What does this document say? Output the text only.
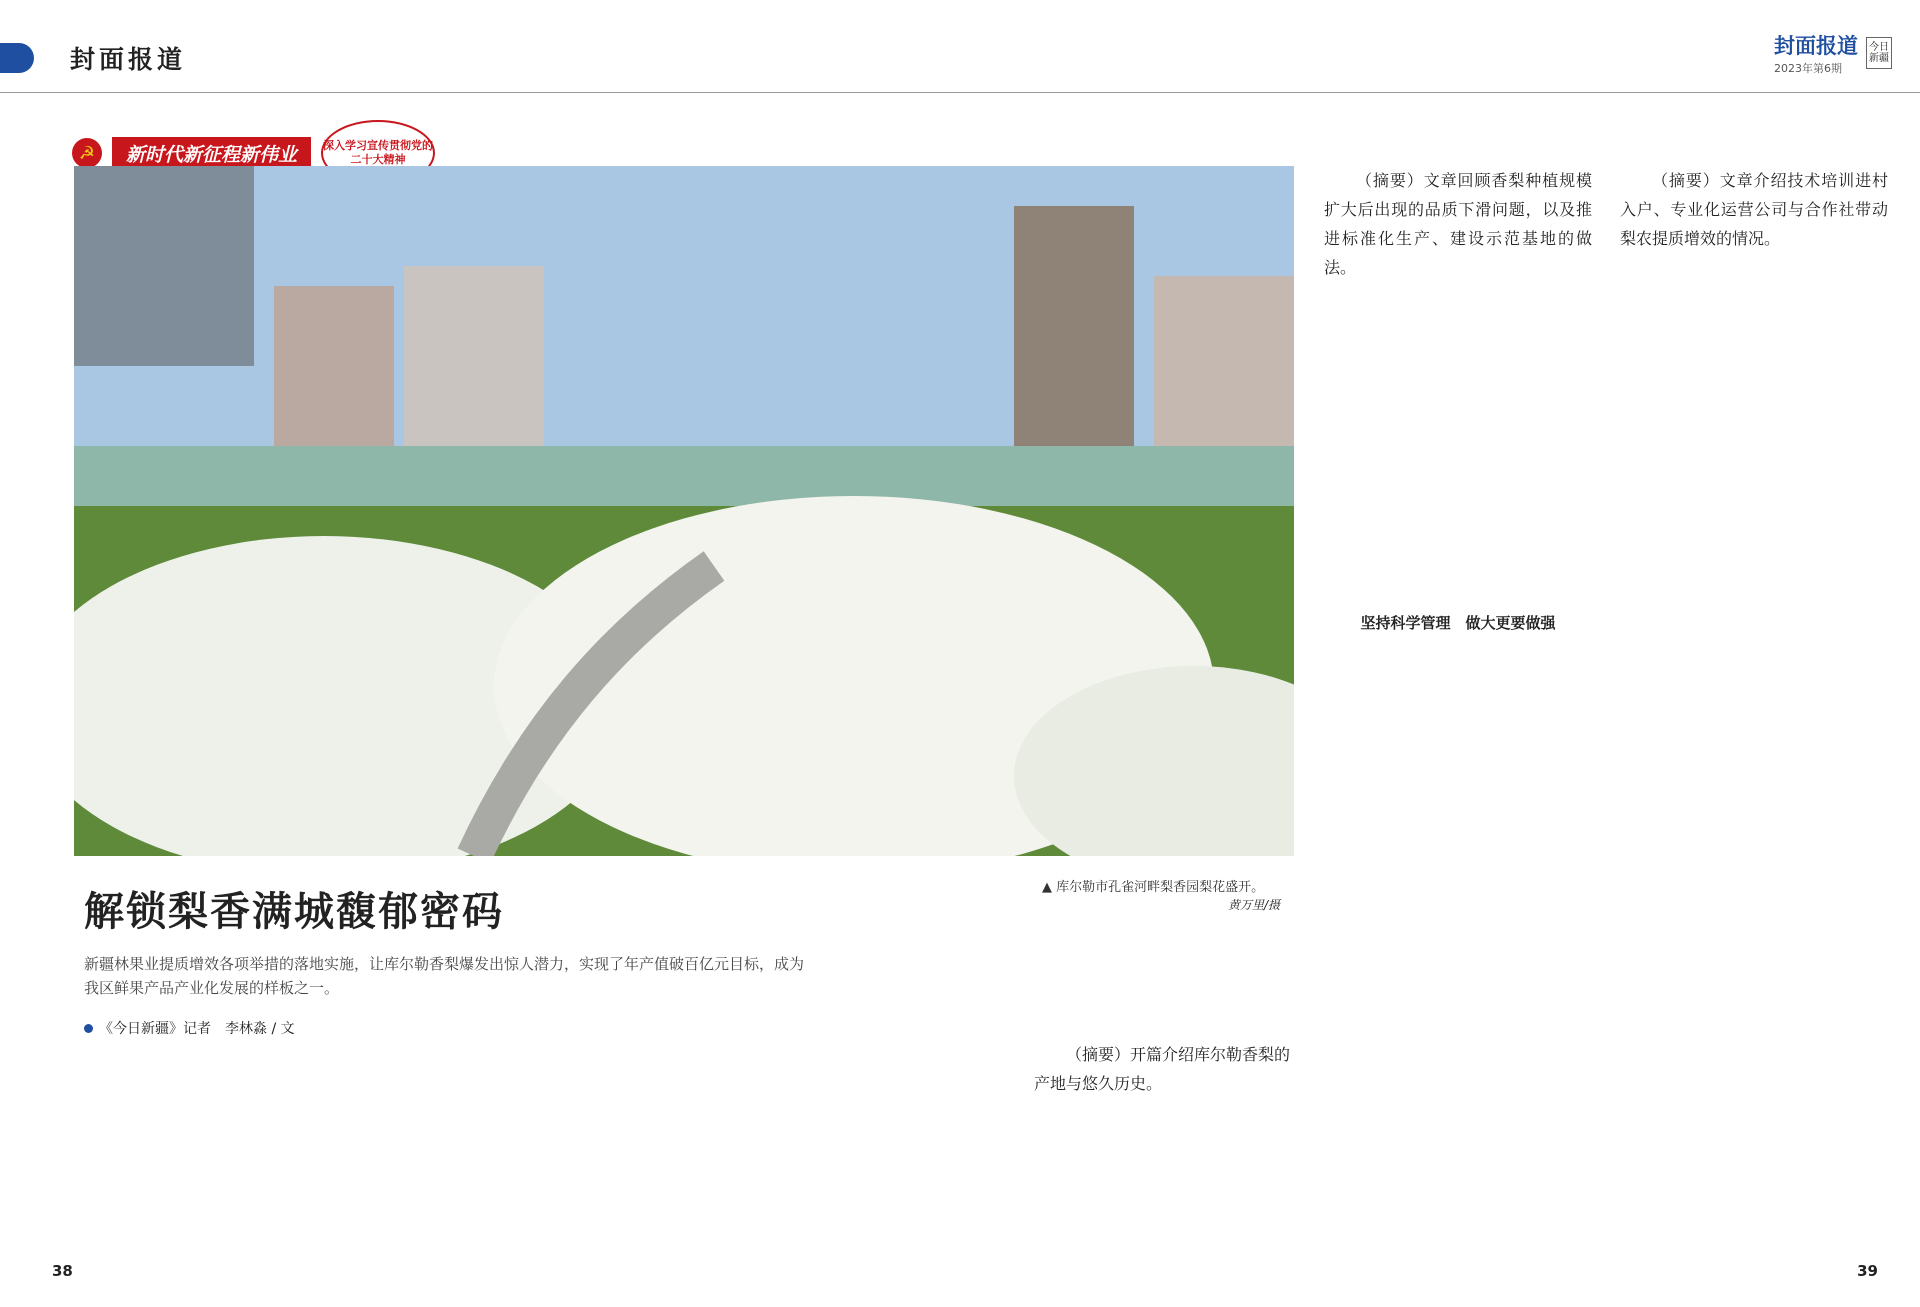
封面报道	封面报道
2023年第6期
今日新疆
☭	新时代新征程新伟业	深入学习宣传贯彻党的二十大精神
▲ 库尔勒市孔雀河畔梨香园梨花盛开。
黄万里/摄
解锁梨香满城馥郁密码
新疆林果业提质增效各项举措的落地实施，让库尔勒香梨爆发出惊人潜力，实现了年产值破百亿元目标，成为我区鲜果产品产业化发展的样板之一。
《今日新疆》记者　李林淼 / 文
（摘要）开篇介绍库尔勒香梨的产地与悠久历史。
（摘要）文章回顾香梨种植规模扩大后出现的品质下滑问题，以及推进标准化生产、建设示范基地的做法。
坚持科学管理　做大更要做强
（摘要）文章介绍技术培训进村入户、专业化运营公司与合作社带动梨农提质增效的情况。
38	39
